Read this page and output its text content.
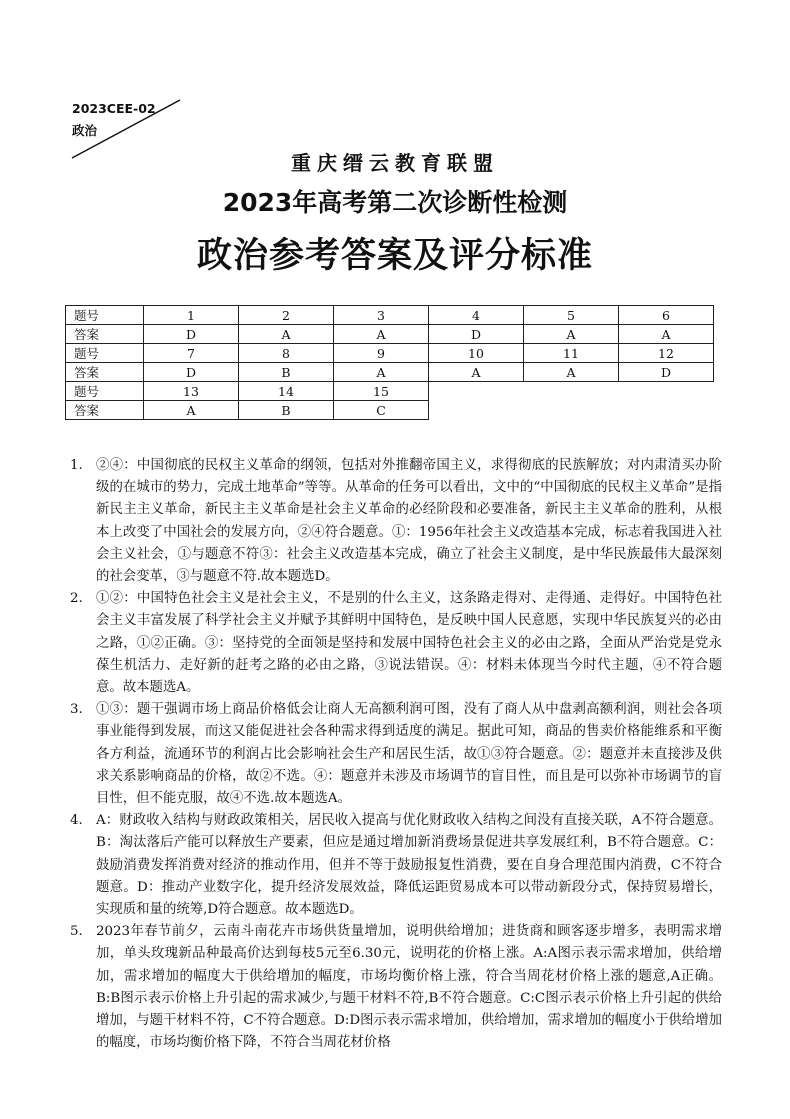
2023CEE-02
政治
重庆缙云教育联盟
2023年高考第二次诊断性检测
政治参考答案及评分标准
题号	1	2	3	4	5	6
答案	D	A	A	D	A	A
题号	7	8	9	10	11	12
答案	D	B	A	A	A	D
题号	13	14	15			
答案	A	B	C			
1. ②④：中国彻底的民权主义革命的纲领，包括对外推翻帝国主义，求得彻底的民族解放；对内肃清买办阶级的在城市的势力，完成土地革命”等等。从革命的任务可以看出，文中的“中国彻底的民权主义革命”是指新民主主义革命，新民主主义革命是社会主义革命的必经阶段和必要准备，新民主主义革命的胜利，从根本上改变了中国社会的发展方向，②④符合题意。①：1956年社会主义改造基本完成，标志着我国进入社会主义社会，①与题意不符③：社会主义改造基本完成，确立了社会主义制度，是中华民族最伟大最深刻的社会变革，③与题意不符.故本题选D。
2. ①②：中国特色社会主义是社会主义，不是别的什么主义，这条路走得对、走得通、走得好。中国特色社会主义丰富发展了科学社会主义并赋予其鲜明中国特色，是反映中国人民意愿，实现中华民族复兴的必由之路，①②正确。③：坚持党的全面领是坚持和发展中国特色社会主义的必由之路，全面从严治党是党永葆生机活力、走好新的赶考之路的必由之路，③说法错误。④：材料未体现当今时代主题，④不符合题意。故本题选A。
3. ①③：题干强调市场上商品价格低会让商人无高额利润可图，没有了商人从中盘剥高额利润，则社会各项事业能得到发展，而这又能促进社会各种需求得到适度的满足。据此可知，商品的售卖价格能维系和平衡各方利益，流通环节的利润占比会影响社会生产和居民生活，故①③符合题意。②：题意并未直接涉及供求关系影响商品的价格，故②不选。④：题意并未涉及市场调节的盲目性，而且是可以弥补市场调节的盲目性，但不能克服，故④不选.故本题选A。
4. A：财政收入结构与财政政策相关，居民收入提高与优化财政收入结构之间没有直接关联，A不符合题意。B：淘汰落后产能可以释放生产要素，但应是通过增加新消费场景促进共享发展红利，B不符合题意。C：鼓励消费发挥消费对经济的推动作用，但并不等于鼓励报复性消费，要在自身合理范围内消费，C不符合题意。D：推动产业数字化，提升经济发展效益，降低运距贸易成本可以带动新段分式，保持贸易增长，实现质和量的统筹,D符合题意。故本题选D。
5. 2023年春节前夕，云南斗南花卉市场供货量增加，说明供给增加；进货商和顾客逐步增多，表明需求增加，单头玫瑰新品种最高价达到每枝5元至6.30元，说明花的价格上涨。A:A图示表示需求增加，供给增加，需求增加的幅度大于供给增加的幅度，市场均衡价格上涨，符合当周花材价格上涨的题意,A正确。B:B图示表示价格上升引起的需求减少,与题干材料不符,B不符合题意。C:C图示表示价格上升引起的供给增加，与题干材料不符，C不符合题意。D:D图示表示需求增加，供给增加，需求增加的幅度小于供给增加的幅度，市场均衡价格下降，不符合当周花材价格
